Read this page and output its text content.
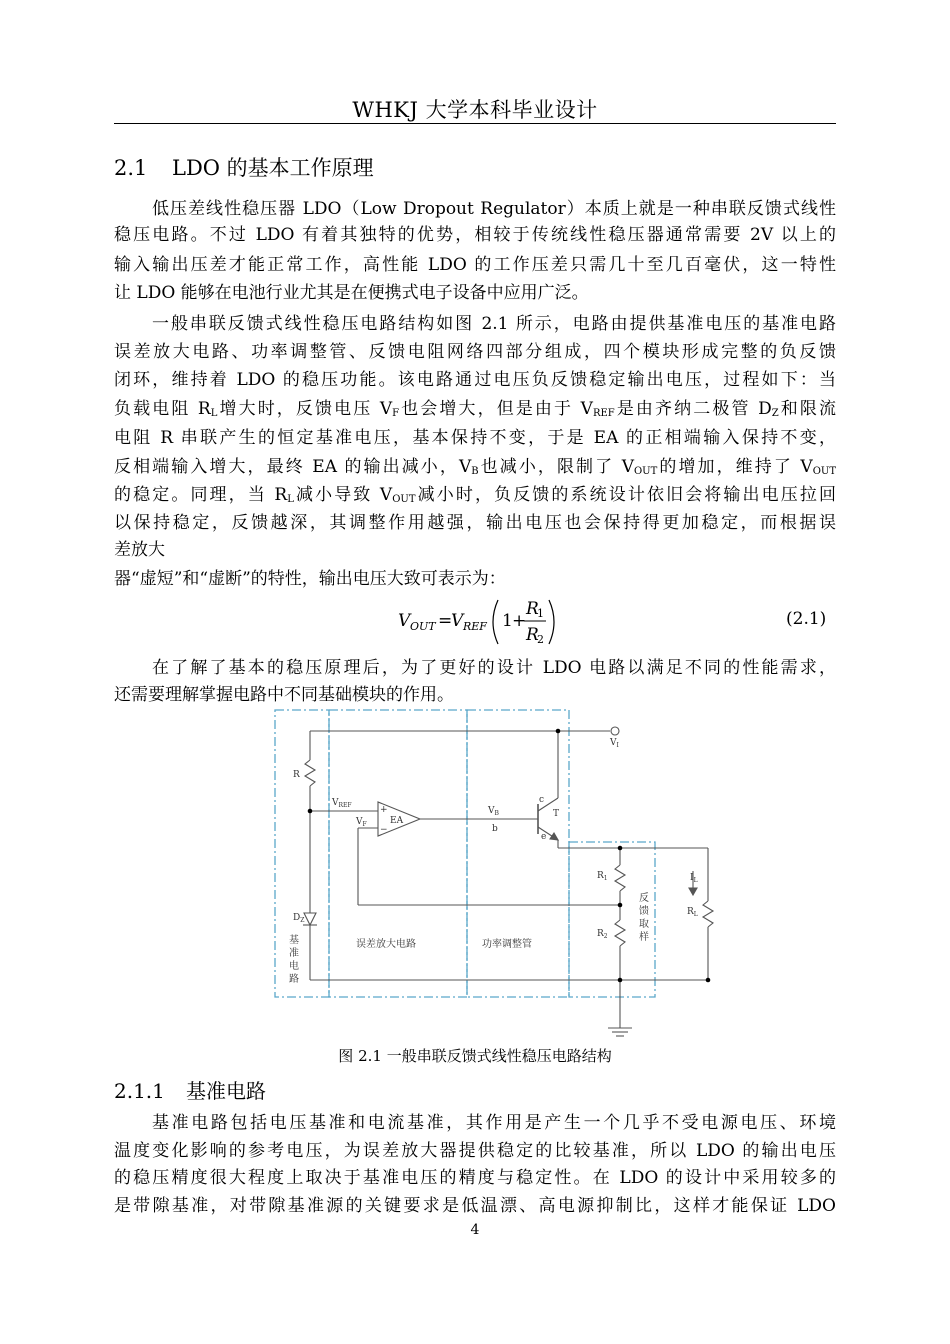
WHKJ 大学本科毕业设计
2.1 LDO 的基本工作原理
低压差线性稳压器 LDO（Low Dropout Regulator）本质上就是一种串联反馈式线性
稳压电路。不过 LDO 有着其独特的优势，相较于传统线性稳压器通常需要 2V 以上的
输入输出压差才能正常工作，高性能 LDO 的工作压差只需几十至几百毫伏，这一特性
让 LDO 能够在电池行业尤其是在便携式电子设备中应用广泛。
一般串联反馈式线性稳压电路结构如图 2.1 所示，电路由提供基准电压的基准电路
误差放大电路、功率调整管、反馈电阻网络四部分组成，四个模块形成完整的负反馈
闭环，维持着 LDO 的稳压功能。该电路通过电压负反馈稳定输出电压，过程如下：当
负载电阻 $R_L$增大时，反馈电压 $V_F$也会增大，但是由于 $V_{REF}$是由齐纳二极管 $D_Z$和限流
电阻 R 串联产生的恒定基准电压，基本保持不变，于是 EA 的正相端输入保持不变，
反相端输入增大，最终 EA 的输出减小，$V_B$也减小，限制了 $V_{OUT}$的增加，维持了 $V_{OUT}$
的稳定。同理，当 $R_L$减小导致 $V_{OUT}$减小时，负反馈的系统设计依旧会将输出电压拉回
以保持稳定，反馈越深，其调整作用越强，输出电压也会保持得更加稳定，而根据误
差放大
器“虚短”和“虚断”的特性，输出电压大致可表示为：
V OUT =
V REF 1 +
R
1
R
2
(2.1)
在了解了基本的稳压原理后，为了更好的设计 LDO 电路以满足不同的性能需求，
还需要理解掌握电路中不同基础模块的作用。
$V_I$
R
$V_{REF}$
$V_F$
+
−
EA
$V_B$
b
c
T
e
$R_1$
$R_2$
$I_L$
$R_L$
$D_Z$
基
准
电
路
误差放大电路	功率调整管
反
馈
取
样
图 2.1 一般串联反馈式线性稳压电路结构
2.1.1 基准电路
基准电路包括电压基准和电流基准，其作用是产生一个几乎不受电源电压、环境
温度变化影响的参考电压，为误差放大器提供稳定的比较基准，所以 LDO 的输出电压
的稳压精度很大程度上取决于基准电压的精度与稳定性。在 LDO 的设计中采用较多的
是带隙基准，对带隙基准源的关键要求是低温漂、高电源抑制比，这样才能保证 LDO
4
